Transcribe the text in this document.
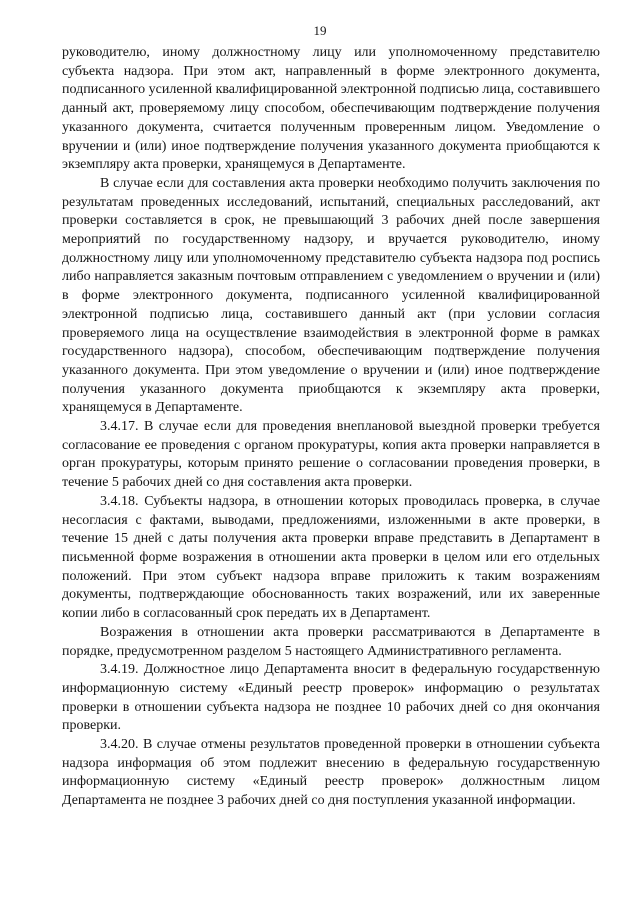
19

руководителю, иному должностному лицу или уполномоченному представителю субъекта надзора. При этом акт, направленный в форме электронного документа, подписанного усиленной квалифицированной электронной подписью лица, составившего данный акт, проверяемому лицу способом, обеспечивающим подтверждение получения указанного документа, считается полученным проверенным лицом. Уведомление о вручении и (или) иное подтверждение получения указанного документа приобщаются к экземпляру акта проверки, хранящемуся в Департаменте.

В случае если для составления акта проверки необходимо получить заключения по результатам проведенных исследований, испытаний, специальных расследований, акт проверки составляется в срок, не превышающий 3 рабочих дней после завершения мероприятий по государственному надзору, и вручается руководителю, иному должностному лицу или уполномоченному представителю субъекта надзора под роспись либо направляется заказным почтовым отправлением с уведомлением о вручении и (или) в форме электронного документа, подписанного усиленной квалифицированной электронной подписью лица, составившего данный акт (при условии согласия проверяемого лица на осуществление взаимодействия в электронной форме в рамках государственного надзора), способом, обеспечивающим подтверждение получения указанного документа. При этом уведомление о вручении и (или) иное подтверждение получения указанного документа приобщаются к экземпляру акта проверки, хранящемуся в Департаменте.

3.4.17. В случае если для проведения внеплановой выездной проверки требуется согласование ее проведения с органом прокуратуры, копия акта проверки направляется в орган прокуратуры, которым принято решение о согласовании проведения проверки, в течение 5 рабочих дней со дня составления акта проверки.

3.4.18. Субъекты надзора, в отношении которых проводилась проверка, в случае несогласия с фактами, выводами, предложениями, изложенными в акте проверки, в течение 15 дней с даты получения акта проверки вправе представить в Департамент в письменной форме возражения в отношении акта проверки в целом или его отдельных положений. При этом субъект надзора вправе приложить к таким возражениям документы, подтверждающие обоснованность таких возражений, или их заверенные копии либо в согласованный срок передать их в Департамент.

Возражения в отношении акта проверки рассматриваются в Департаменте в порядке, предусмотренном разделом 5 настоящего Административного регламента.

3.4.19. Должностное лицо Департамента вносит в федеральную государственную информационную систему «Единый реестр проверок» информацию о результатах проверки в отношении субъекта надзора не позднее 10 рабочих дней со дня окончания проверки.

3.4.20. В случае отмены результатов проведенной проверки в отношении субъекта надзора информация об этом подлежит внесению в федеральную государственную информационную систему «Единый реестр проверок» должностным лицом Департамента не позднее 3 рабочих дней со дня поступления указанной информации.
